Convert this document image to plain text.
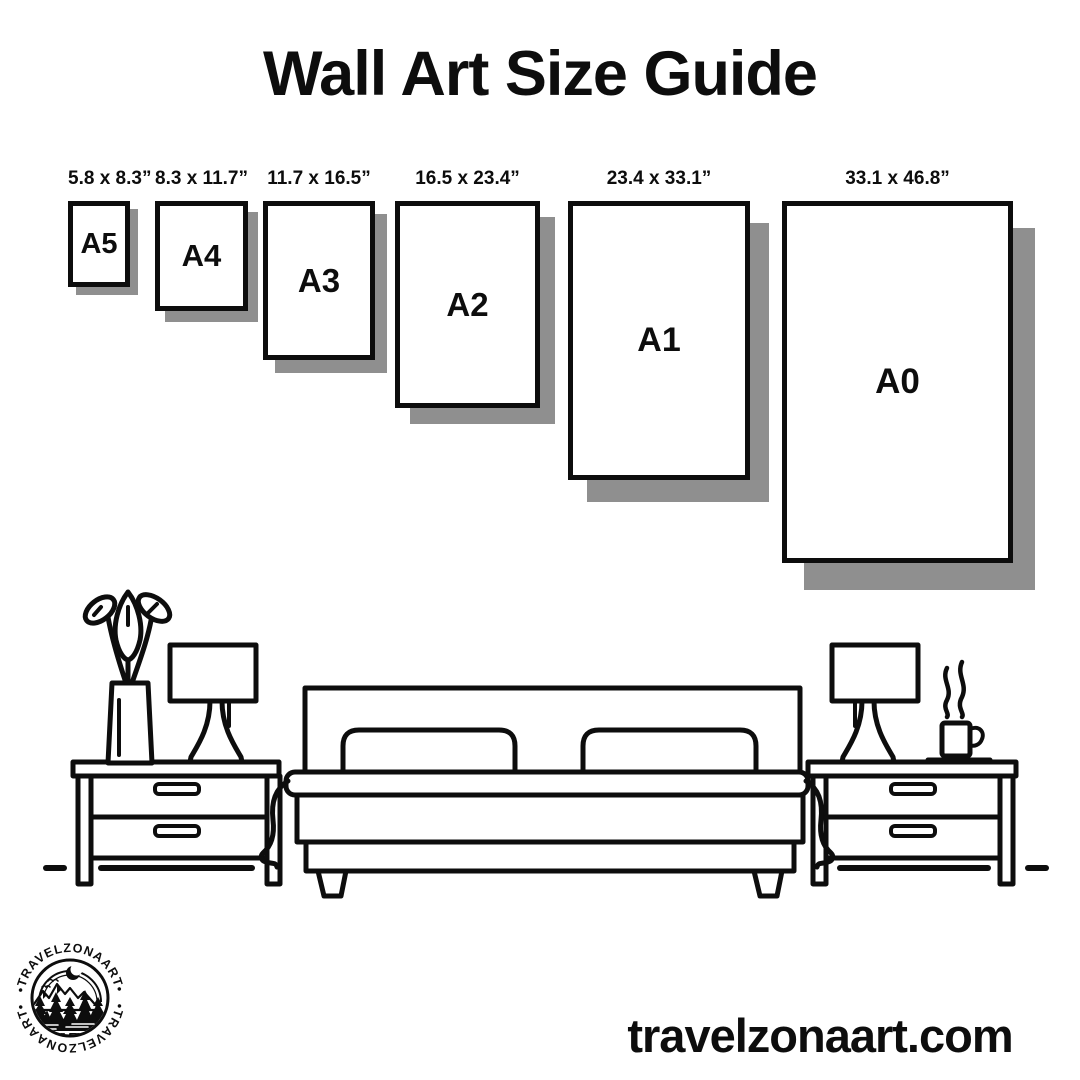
Wall Art Size Guide
5.8 x 8.3”
A5
8.3 x 11.7”
A4
11.7 x 16.5”
A3
16.5 x 23.4”
A2
23.4 x 33.1”
A1
33.1 x 46.8”
A0
•TRAVELZONAART•
•TRAVELZONAART•
travelzonaart.com
